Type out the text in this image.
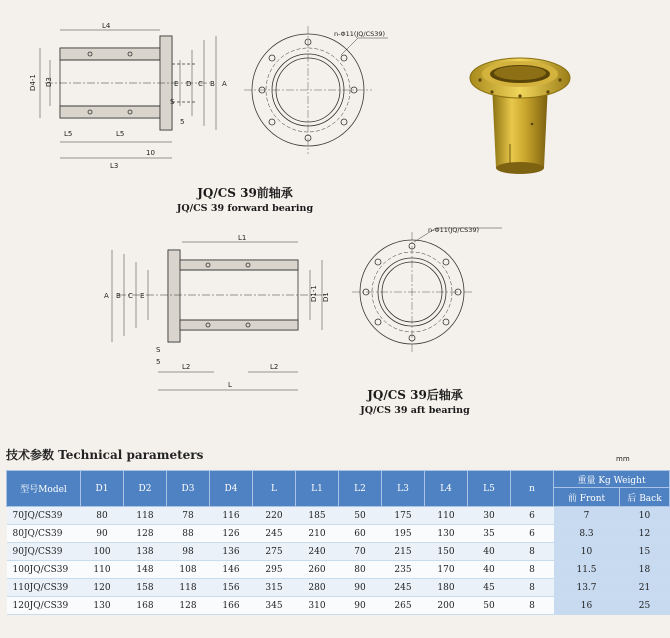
L4
D4-1 D3	E D C B A
S
5
L5	L5
10
L3
n-Φ11(JQ/CS39)
JQ/CS 39前轴承
JQ/CS 39 forward bearing
L1
A B C E	D1-1 D1
S
5
L2	L2
L
n-Φ11(JQ/CS39)
JQ/CS 39后轴承
JQ/CS 39 aft bearing
技术参数 Technical parameters	mm
型号Model	D1	D2	D3	D4	L	L1	L2	L3	L4	L5	n	重量 Kg Weight	
												前 Front	后 Back
70JQ/CS39	80	118	78	116	220	185	50	175	110	30	6	7	10
80JQ/CS39	90	128	88	126	245	210	60	195	130	35	6	8.3	12
90JQ/CS39	100	138	98	136	275	240	70	215	150	40	8	10	15
100JQ/CS39	110	148	108	146	295	260	80	235	170	40	8	11.5	18
110JQ/CS39	120	158	118	156	315	280	90	245	180	45	8	13.7	21
120JQ/CS39	130	168	128	166	345	310	90	265	200	50	8	16	25
